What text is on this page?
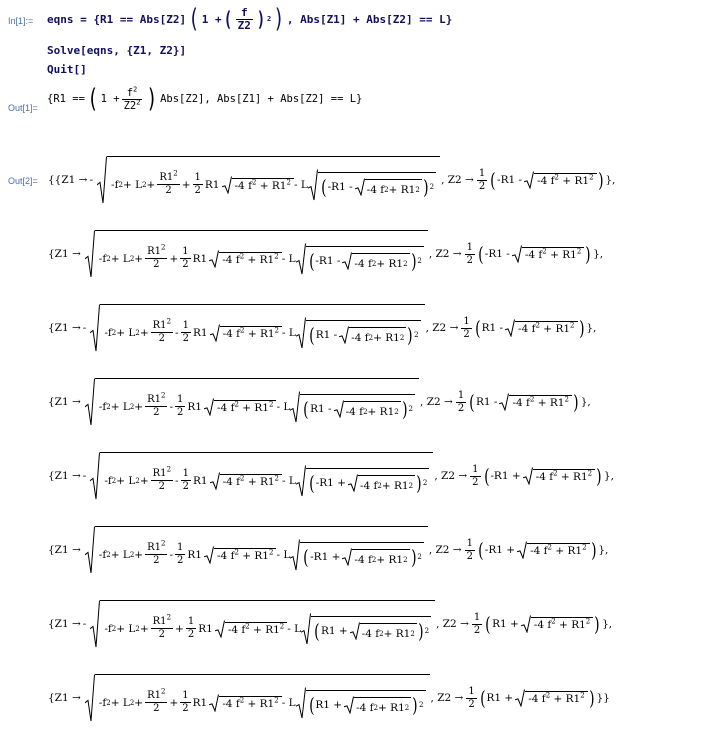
In[1]:= eqns = {R1 == Abs[Z2] ( 1 + ( $\frac{f}{Z2}$ ) 2 ) , Abs[Z1] + Abs[Z2] == L}
Solve[eqns, {Z1, Z2}]
Quit[]
Out[1]=
{R1 == ( $1 + \frac{f^2}{Z2^2}$ ) Abs[Z2], Abs[Z1] + Abs[Z2] == L}
Out[2]= {{Z1 → - -f 2 + L $2 + \frac{R1^2}{2} + \frac{1}{2} R1$ -4 $f^2 + R1^2 - L$ ( -R1 - -4 f 2 + R1 2 ) 2
, $Z2 \to \frac{1}{2}$ ( -R1 - -4 $f^2 + R1^2$ ) },
{Z1 → -f 2 + L $2 + \frac{R1^2}{2} + \frac{1}{2} R1$ -4 $f^2 + R1^2 - L$ ( -R1 - -4 f 2 + R1 2 ) 2
, $Z2 \to \frac{1}{2}$ ( -R1 - -4 $f^2 + R1^2$ ) },
{Z1 → - -f 2 + L $2 + \frac{R1^2}{2} - \frac{1}{2} R1$ -4 $f^2 + R1^2 - L$ ( R1 - -4 f 2 + R1 2 ) 2
, $Z2 \to \frac{1}{2}$ ( R1 - -4 $f^2 + R1^2$ ) },
{Z1 → -f 2 + L $2 + \frac{R1^2}{2} - \frac{1}{2} R1$ -4 $f^2 + R1^2 - L$ ( R1 - -4 f 2 + R1 2 ) 2
, $Z2 \to \frac{1}{2}$ ( R1 - -4 $f^2 + R1^2$ ) },
{Z1 → - -f 2 + L $2 + \frac{R1^2}{2} - \frac{1}{2} R1$ -4 $f^2 + R1^2 - L$ ( -R1 + -4 f 2 + R1 2 ) 2
, $Z2 \to \frac{1}{2}$ ( -R1 + -4 $f^2 + R1^2$ ) },
{Z1 → -f 2 + L $2 + \frac{R1^2}{2} - \frac{1}{2} R1$ -4 $f^2 + R1^2 - L$ ( -R1 + -4 f 2 + R1 2 ) 2
, $Z2 \to \frac{1}{2}$ ( -R1 + -4 $f^2 + R1^2$ ) },
{Z1 → - -f 2 + L $2 + \frac{R1^2}{2} + \frac{1}{2} R1$ -4 $f^2 + R1^2 - L$ ( R1 + -4 f 2 + R1 2 ) 2
, $Z2 \to \frac{1}{2}$ ( R1 + -4 $f^2 + R1^2$ ) },
{Z1 → -f 2 + L $2 + \frac{R1^2}{2} + \frac{1}{2} R1$ -4 $f^2 + R1^2 - L$ ( R1 + -4 f 2 + R1 2 ) 2
, $Z2 \to \frac{1}{2}$ ( R1 + -4 $f^2 + R1^2$ ) }}
